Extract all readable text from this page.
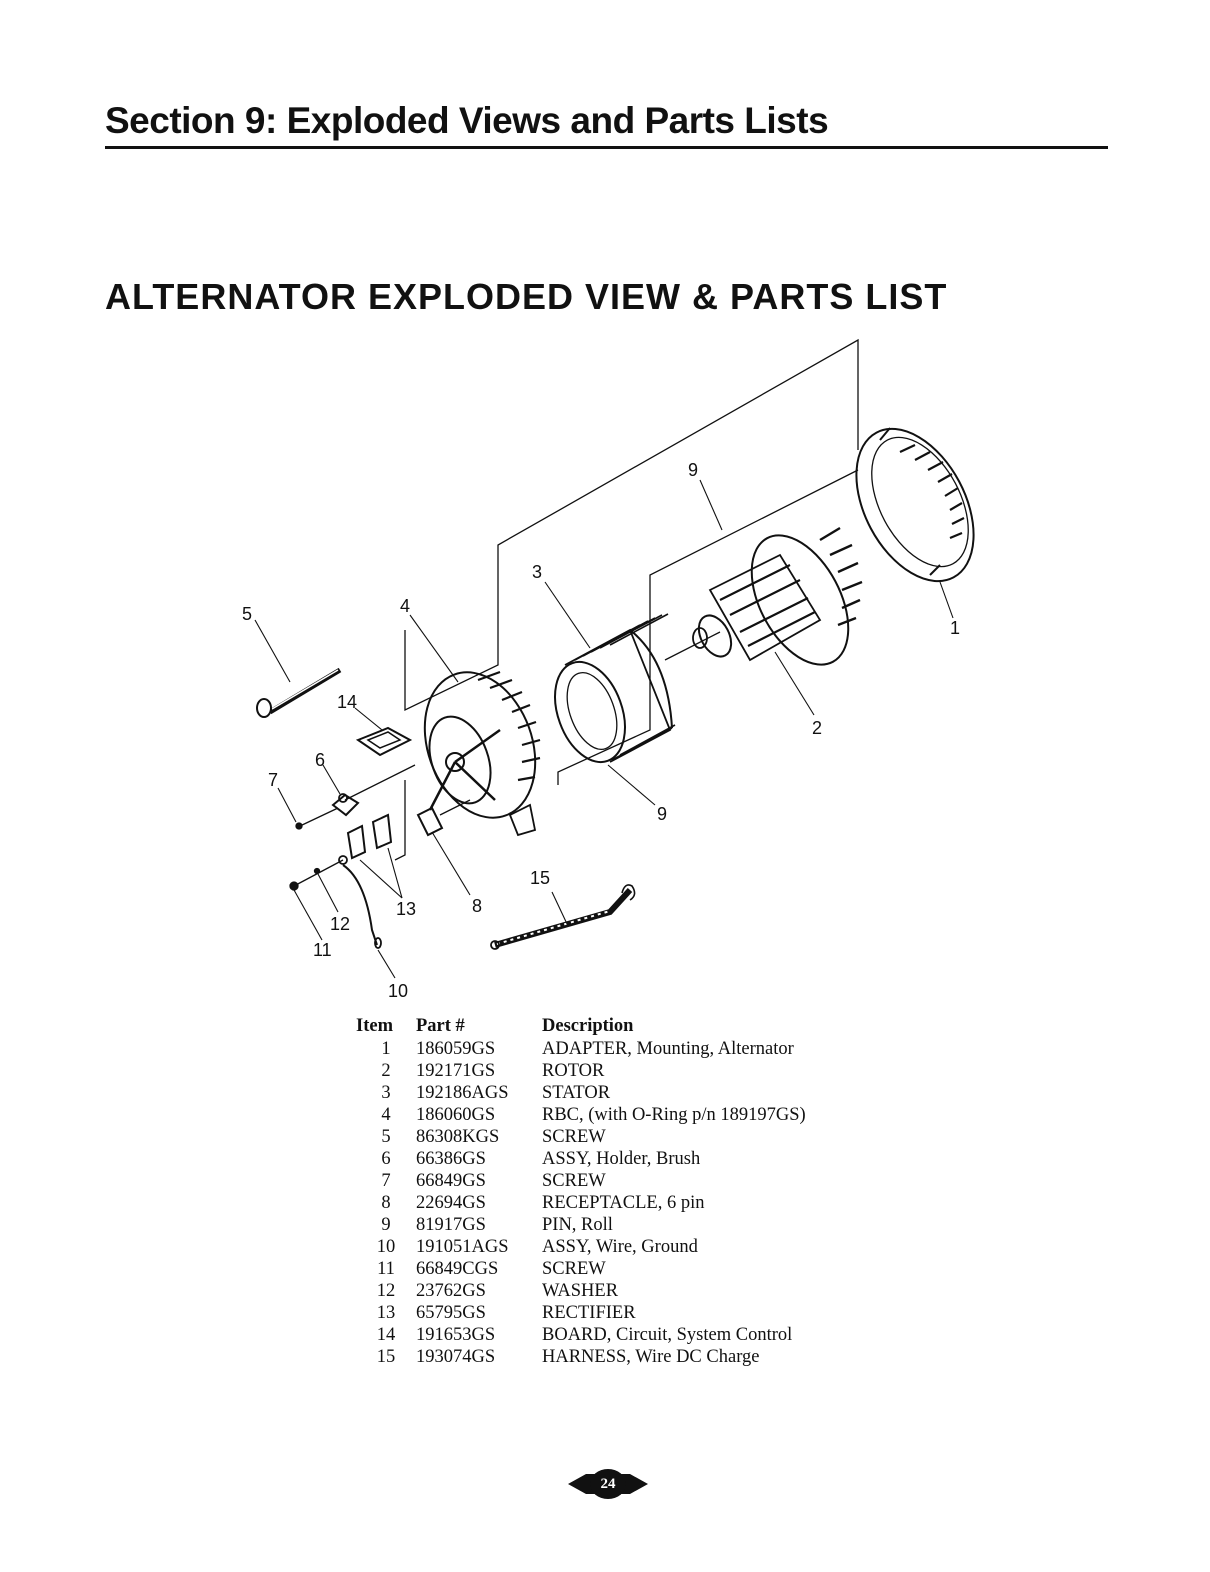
Section 9: Exploded Views and Parts Lists
ALTERNATOR EXPLODED VIEW & PARTS LIST
1
2
3
4
5
6
7
8
9
9
10
11
12
13
14
15
Item	Part #	Description
1	186059GS	ADAPTER, Mounting, Alternator
2	192171GS	ROTOR
3	192186AGS	STATOR
4	186060GS	RBC, (with O-Ring p/n 189197GS)
5	86308KGS	SCREW
6	66386GS	ASSY, Holder, Brush
7	66849GS	SCREW
8	22694GS	RECEPTACLE, 6 pin
9	81917GS	PIN, Roll
10	191051AGS	ASSY, Wire, Ground
11	66849CGS	SCREW
12	23762GS	WASHER
13	65795GS	RECTIFIER
14	191653GS	BOARD, Circuit, System Control
15	193074GS	HARNESS, Wire DC Charge
24
